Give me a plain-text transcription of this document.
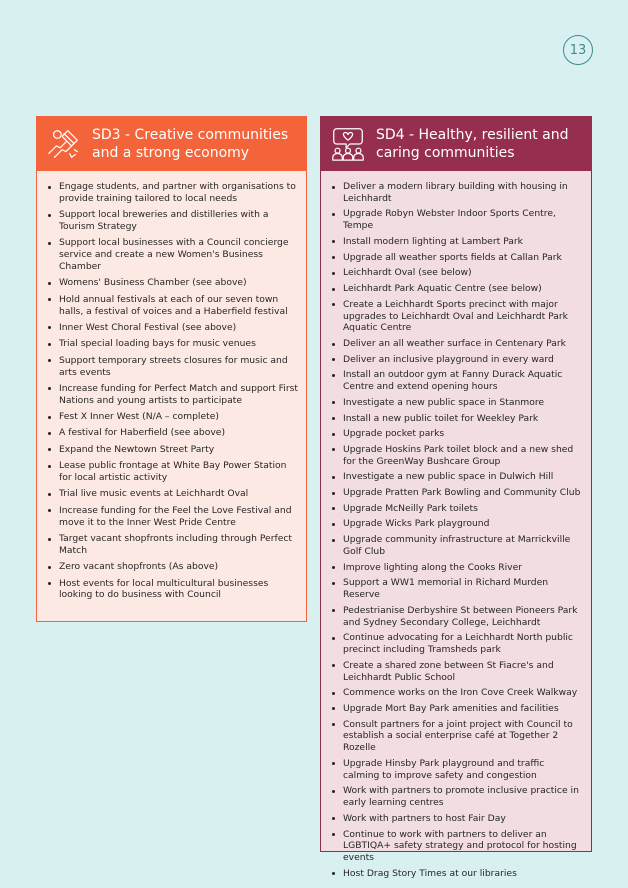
13
SD3 - Creative communities and a strong economy
Engage students, and partner with organisations to provide training tailored to local needs
Support local breweries and distilleries with a Tourism Strategy
Support local businesses with a Council concierge service and create a new Women's Business Chamber
Womens' Business Chamber (see above)
Hold annual festivals at each of our seven town halls, a festival of voices and a Haberfield festival
Inner West Choral Festival (see above)
Trial special loading bays for music venues
Support temporary streets closures for music and arts events
Increase funding for Perfect Match and support First Nations and young artists to participate
Fest X Inner West (N/A – complete)
A festival for Haberfield (see above)
Expand the Newtown Street Party
Lease public frontage at White Bay Power Station for local artistic activity
Trial live music events at Leichhardt Oval
Increase funding for the Feel the Love Festival and move it to the Inner West Pride Centre
Target vacant shopfronts including through Perfect Match
Zero vacant shopfronts (As above)
Host events for local multicultural businesses looking to do business with Council
SD4 - Healthy, resilient and caring communities
Deliver a modern library building with housing in Leichhardt
Upgrade Robyn Webster Indoor Sports Centre, Tempe
Install modern lighting at Lambert Park
Upgrade all weather sports fields at Callan Park
Leichhardt Oval (see below)
Leichhardt Park Aquatic Centre (see below)
Create a Leichhardt Sports precinct with major upgrades to Leichhardt Oval and Leichhardt Park Aquatic Centre
Deliver an all weather surface in Centenary Park
Deliver an inclusive playground in every ward
Install an outdoor gym at Fanny Durack Aquatic Centre and extend opening hours
Investigate a new public space in Stanmore
Install a new public toilet for Weekley Park
Upgrade pocket parks
Upgrade Hoskins Park toilet block and a new shed for the GreenWay Bushcare Group
Investigate a new public space in Dulwich Hill
Upgrade Pratten Park Bowling and Community Club
Upgrade McNeilly Park toilets
Upgrade Wicks Park playground
Upgrade community infrastructure at Marrickville Golf Club
Improve lighting along the Cooks River
Support a WW1 memorial in Richard Murden Reserve
Pedestrianise Derbyshire St between Pioneers Park and Sydney Secondary College, Leichhardt
Continue advocating for a Leichhardt North public precinct including Tramsheds park
Create a shared zone between St Fiacre's and Leichhardt Public School
Commence works on the Iron Cove Creek Walkway
Upgrade Mort Bay Park amenities and facilities
Consult partners for a joint project with Council to establish a social enterprise café at Together 2 Rozelle
Upgrade Hinsby Park playground and traffic calming to improve safety and congestion
Work with partners to promote inclusive practice in early learning centres
Work with partners to host Fair Day
Continue to work with partners to deliver an LGBTIQA+ safety strategy and protocol for hosting events
Host Drag Story Times at our libraries
